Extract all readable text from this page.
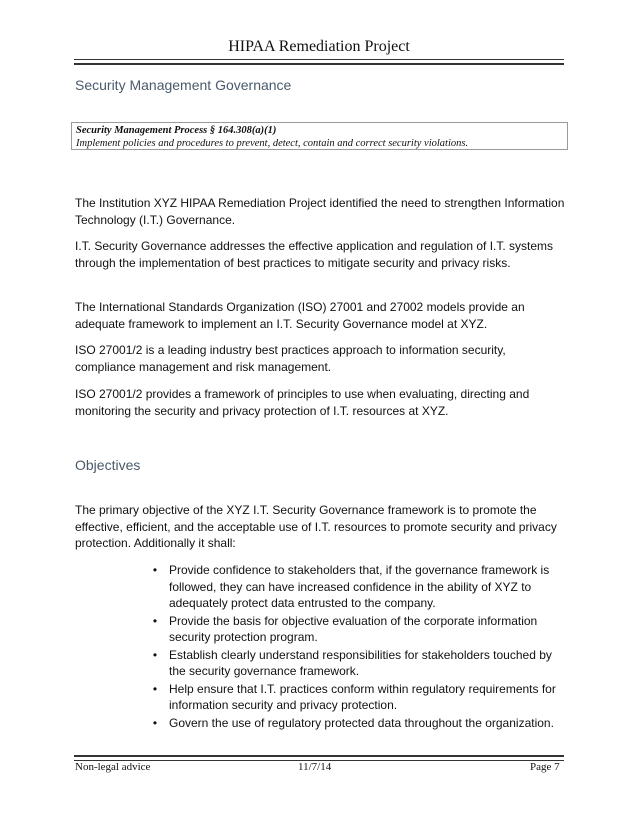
HIPAA Remediation Project
Security Management Governance
Security Management Process § 164.308(a)(1)
Implement policies and procedures to prevent, detect, contain and correct security violations.

The Institution XYZ HIPAA Remediation Project identified the need to strengthen Information Technology (I.T.) Governance.

I.T. Security Governance addresses the effective application and regulation of I.T. systems through the implementation of best practices to mitigate security and privacy risks.

The International Standards Organization (ISO) 27001 and 27002 models provide an adequate framework to implement an I.T. Security Governance model at XYZ.

ISO 27001/2 is a leading industry best practices approach to information security, compliance management and risk management.

ISO 27001/2 provides a framework of principles to use when evaluating, directing and monitoring the security and privacy protection of I.T. resources at XYZ.

Objectives

The primary objective of the XYZ I.T. Security Governance framework is to promote the effective, efficient, and the acceptable use of I.T. resources to promote security and privacy protection. Additionally it shall:

• Provide confidence to stakeholders that, if the governance framework is followed, they can have increased confidence in the ability of XYZ to adequately protect data entrusted to the company.
• Provide the basis for objective evaluation of the corporate information security protection program.
• Establish clearly understand responsibilities for stakeholders touched by the security governance framework.
• Help ensure that I.T. practices conform within regulatory requirements for information security and privacy protection.
• Govern the use of regulatory protected data throughout the organization.
Non-legal advice	11/7/14	Page 7
